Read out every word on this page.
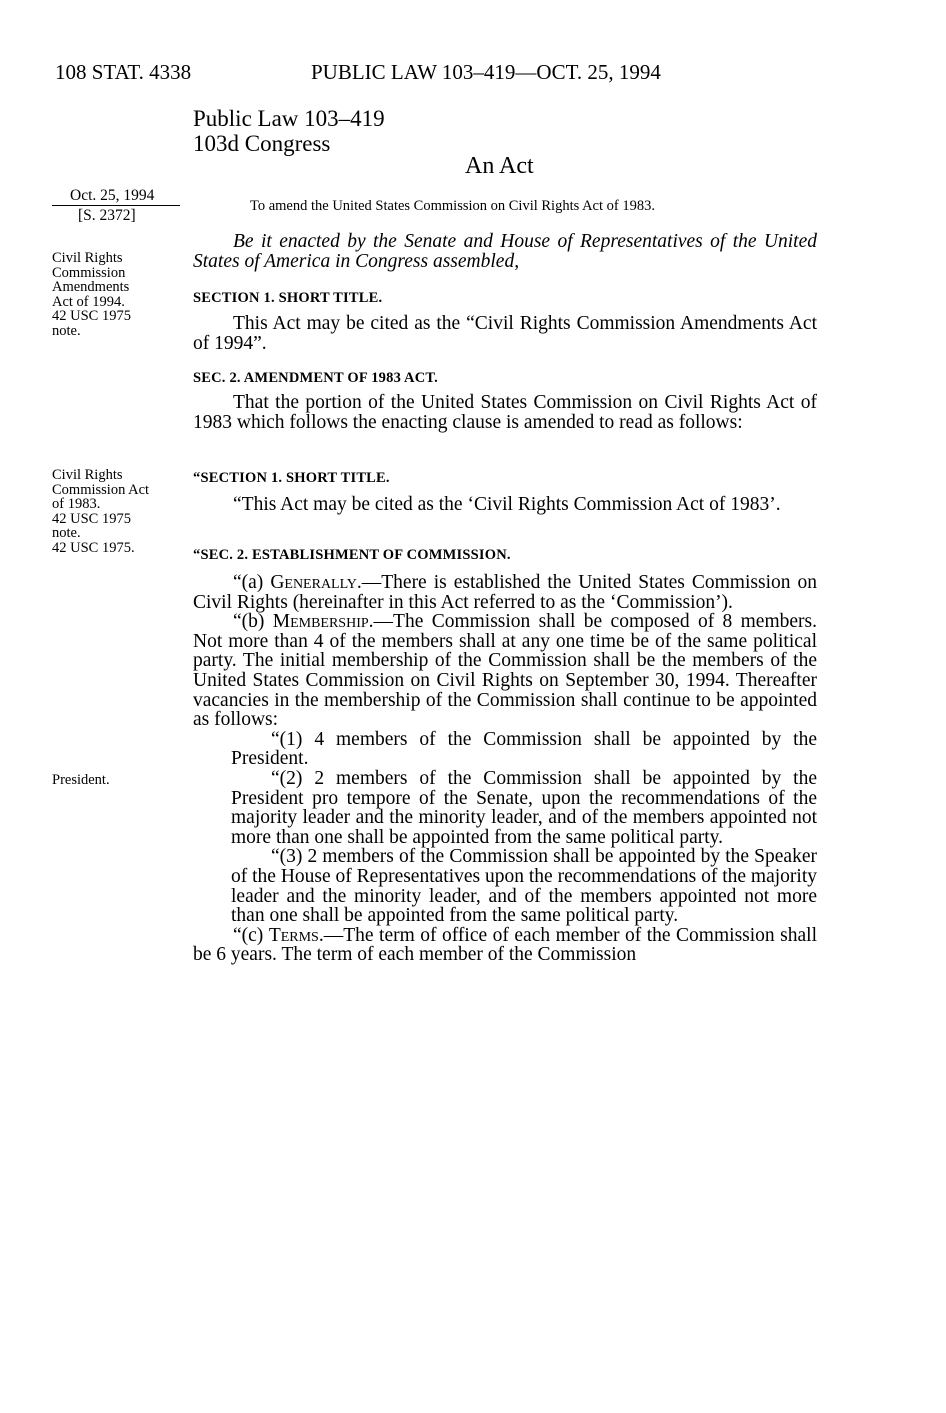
108 STAT. 4338	PUBLIC LAW 103–419—OCT. 25, 1994
Public Law 103–419
103d Congress
An Act
Oct. 25, 1994
[S. 2372]
Civil Rights
Commission
Amendments
Act of 1994.
42 USC 1975
note.
Civil Rights
Commission Act
of 1983.
42 USC 1975
note.
42 USC 1975.
President.
To amend the United States Commission on Civil Rights Act of 1983.
Be it enacted by the Senate and House of Representatives of the United States of America in Congress assembled,
SECTION 1. SHORT TITLE.
This Act may be cited as the “Civil Rights Commission Amendments Act of 1994”.
SEC. 2. AMENDMENT OF 1983 ACT.
That the portion of the United States Commission on Civil Rights Act of 1983 which follows the enacting clause is amended to read as follows:
“SECTION 1. SHORT TITLE.
“This Act may be cited as the ‘Civil Rights Commission Act of 1983’.
“SEC. 2. ESTABLISHMENT OF COMMISSION.

“(a) Generally.—There is established the United States Commission on Civil Rights (hereinafter in this Act referred to as the ‘Commission’).

“(b) Membership.—The Commission shall be composed of 8 members. Not more than 4 of the members shall at any one time be of the same political party. The initial membership of the Commission shall be the members of the United States Commission on Civil Rights on September 30, 1994. Thereafter vacancies in the membership of the Commission shall continue to be appointed as follows:

“(1) 4 members of the Commission shall be appointed by the President.

“(2) 2 members of the Commission shall be appointed by the President pro tempore of the Senate, upon the recommendations of the majority leader and the minority leader, and of the members appointed not more than one shall be appointed from the same political party.

“(3) 2 members of the Commission shall be appointed by the Speaker of the House of Representatives upon the recommendations of the majority leader and the minority leader, and of the members appointed not more than one shall be appointed from the same political party.

“(c) Terms.—The term of office of each member of the Commission shall be 6 years. The term of each member of the Commission
